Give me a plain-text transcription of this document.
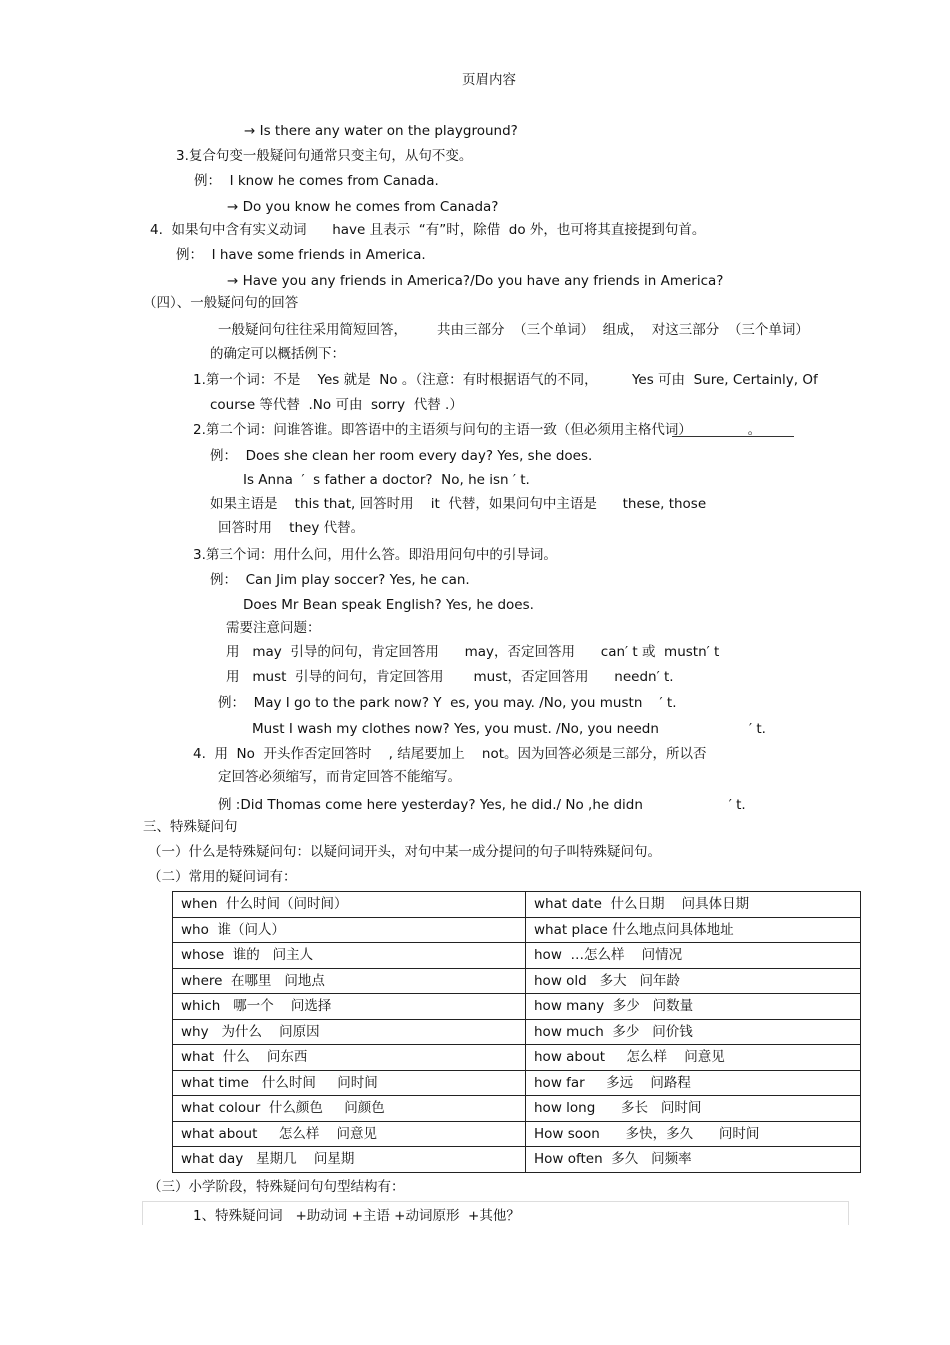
页眉内容
→ Is there any water on the playground?
3.复合句变一般疑问句通常只变主句，从句不变。
例：  I know he comes from Canada.
→ Do you know he comes from Canada?
4.  如果句中含有实义动词      have 且表示  “有”时，除借  do 外，也可将其直接提到句首。
例：  I have some friends in America.
→ Have you any friends in America?/Do you have any friends in America?
（四）、一般疑问句的回答
一般疑问句往往采用简短回答，       共由三部分  （三个单词）  组成，  对这三部分  （三个单词）
的确定可以概括例下：
1.第一个词：不是    Yes 就是  No 。（注意：有时根据语气的不同，        Yes 可由  Sure, Certainly, Of
course 等代替  .No 可由  sorry  代替 .）
2.第二个词：问谁答谁。即答语中的主语须与问句的主语一致（但必须用主格代词）             。
例：  Does she clean her room every day? Yes, she does.
Is Anna  ′  s father a doctor?  No, he isn ′ t.
如果主语是    this that, 回答时用    it  代替，如果问句中主语是      these, those
回答时用    they 代替。
3.第三个词：用什么问，用什么答。即沿用问句中的引导词。
例：  Can Jim play soccer? Yes, he can.
Does Mr Bean speak English? Yes, he does.
需要注意问题：
用   may  引导的问句，肯定回答用      may，否定回答用      can′ t 或  mustn′ t
用   must  引导的问句，肯定回答用       must，否定回答用      needn′ t.
例：  May I go to the park now? Y  es, you may. /No, you mustn    ′ t.
Must I wash my clothes now? Yes, you must. /No, you needn                     ′ t.
4.  用  No  开头作否定回答时    , 结尾要加上    not。因为回答必须是三部分，所以否
定回答必须缩写，而肯定回答不能缩写。
例 :Did Thomas come here yesterday? Yes, he did./ No ,he didn                    ′ t.
三、特殊疑问句
（一）什么是特殊疑问句：以疑问词开头，对句中某一成分提问的句子叫特殊疑问句。
（二）常用的疑问词有：
when  什么时间（问时间）	what date  什么日期    问具体日期
who  谁（问人）	what place 什么地点问具体地址
whose  谁的   问主人	how  …怎么样    问情况
where  在哪里   问地点	how old   多大   问年龄
which   哪一个    问选择	how many  多少   问数量
why   为什么    问原因	how much  多少   问价钱
what  什么    问东西	how about     怎么样    问意见
what time   什么时间     问时间	how far     多远    问路程
what colour  什么颜色     问颜色	how long      多长   问时间
what about     怎么样    问意见	How soon      多快，多久      问时间
what day   星期几    问星期	How often  多久   问频率
（三）小学阶段，特殊疑问句句型结构有：
1、特殊疑问词   +助动词 +主语 +动词原形  +其他？
